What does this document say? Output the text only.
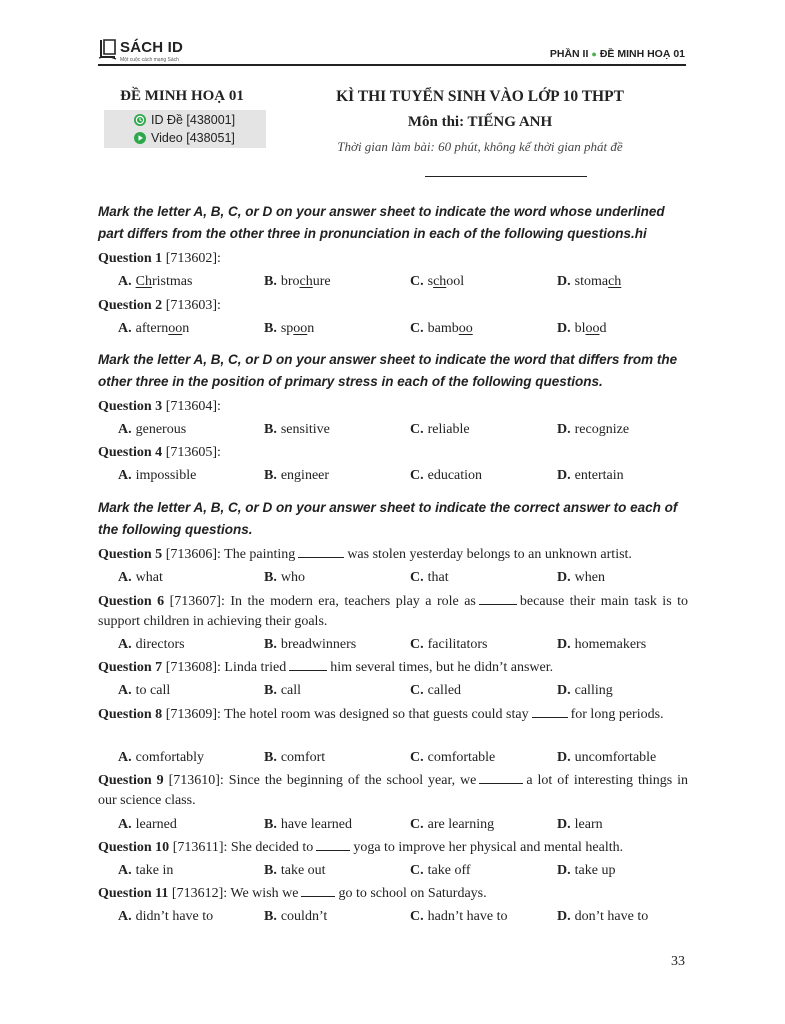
SÁCH ID
Một cuộc cách mạng Sách	PHẦN II ● ĐỀ MINH HOẠ 01
ĐỀ MINH HOẠ 01
ID Đề [438001]
Video [438051]
KÌ THI TUYỂN SINH VÀO LỚP 10 THPT
Môn thi: TIẾNG ANH
Thời gian làm bài: 60 phút, không kể thời gian phát đề
Mark the letter A, B, C, or D on your answer sheet to indicate the word whose underlined part differs from the other three in pronunciation in each of the following questions.hi
Question 1 [713602]:
A. Christmas	B. brochure	C. school	D. stomach
Question 2 [713603]:
A. afternoon	B. spoon	C. bamboo	D. blood
Mark the letter A, B, C, or D on your answer sheet to indicate the word that differs from the other three in the position of primary stress in each of the following questions.
Question 3 [713604]:
A. generous	B. sensitive	C. reliable	D. recognize
Question 4 [713605]:
A. impossible	B. engineer	C. education	D. entertain
Mark the letter A, B, C, or D on your answer sheet to indicate the correct answer to each of the following questions.
Question 5 [713606]: The painting	was stolen yesterday belongs to an unknown artist.
A. what	B. who	C. that	D. when
Question 6 [713607]: In the modern era, teachers play a role as	because their main task is to support children in achieving their goals.
A. directors	B. breadwinners	C. facilitators	D. homemakers
Question 7 [713608]: Linda tried	him several times, but he didn’t answer.
A. to call	B. call	C. called	D. calling
Question 8 [713609]: The hotel room was designed so that guests could stay	for long periods.
A. comfortably	B. comfort	C. comfortable	D. uncomfortable
Question 9 [713610]: Since the beginning of the school year, we	a lot of interesting things in our science class.
A. learned	B. have learned	C. are learning	D. learn
Question 10 [713611]: She decided to	yoga to improve her physical and mental health.
A. take in	B. take out	C. take off	D. take up
Question 11 [713612]: We wish we	go to school on Saturdays.
A. didn’t have to	B. couldn’t	C. hadn’t have to	D. don’t have to
33
